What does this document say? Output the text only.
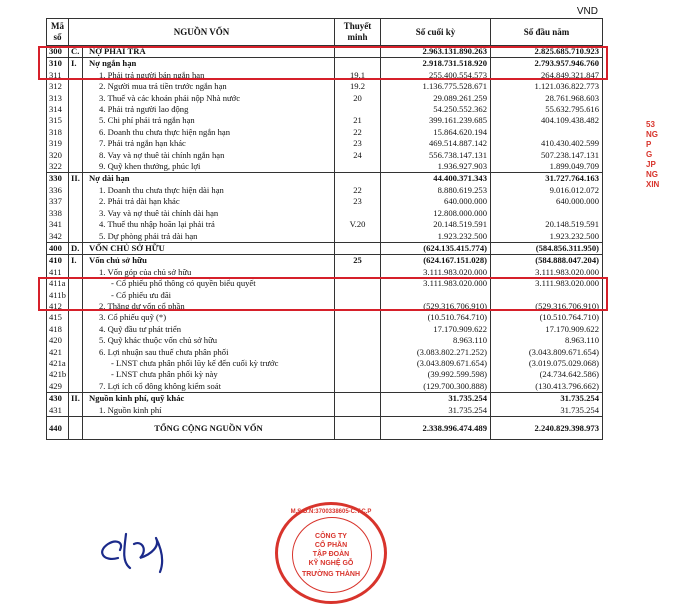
VND
Mã số	NGUỒN VỐN		Thuyết minh	Số cuối kỳ	Số đầu năm
300	C.	NỢ PHẢI TRẢ		2.963.131.890.263	2.825.685.710.923
310	I.	Nợ ngắn hạn		2.918.731.518.920	2.793.957.946.760
311		1. Phải trả người bán ngắn hạn	19.1	255.400.554.573	264.849.321.847
312		2. Người mua trả tiền trước ngắn hạn	19.2	1.136.775.528.671	1.121.036.822.773
313		3. Thuế và các khoản phải nộp Nhà nước	20	29.089.261.259	28.761.968.603
314		4. Phải trả người lao động		54.250.552.362	55.632.795.616
315		5. Chi phí phải trả ngắn hạn	21	399.161.239.685	404.109.438.482
318		6. Doanh thu chưa thực hiện ngắn hạn	22	15.864.620.194	
319		7. Phải trả ngắn hạn khác	23	469.514.887.142	410.430.402.599
320		8. Vay và nợ thuê tài chính ngắn hạn	24	556.738.147.131	507.238.147.131
322		9. Quỹ khen thưởng, phúc lợi		1.936.927.903	1.899.049.709
330	II.	Nợ dài hạn		44.400.371.343	31.727.764.163
336		1. Doanh thu chưa thực hiện dài hạn	22	8.880.619.253	9.016.012.072
337		2. Phải trả dài hạn khác	23	640.000.000	640.000.000
338		3. Vay và nợ thuê tài chính dài hạn		12.808.000.000	
341		4. Thuế thu nhập hoãn lại phải trả	V.20	20.148.519.591	20.148.519.591
342		5. Dự phòng phải trả dài hạn		1.923.232.500	1.923.232.500
400	D.	VỐN CHỦ SỞ HỮU		(624.135.415.774)	(584.856.311.950)
410	I.	Vốn chủ sở hữu	25	(624.167.151.028)	(584.888.047.204)
411		1. Vốn góp của chủ sở hữu		3.111.983.020.000	3.111.983.020.000
411a		- Cổ phiếu phổ thông có quyền biểu quyết		3.111.983.020.000	3.111.983.020.000
411b		- Cổ phiếu ưu đãi			
412		2. Thặng dư vốn cổ phần		(529.316.706.910)	(529.316.706.910)
415		3. Cổ phiếu quỹ (*)		(10.510.764.710)	(10.510.764.710)
418		4. Quỹ đầu tư phát triển		17.170.909.622	17.170.909.622
420		5. Quỹ khác thuộc vốn chủ sở hữu		8.963.110	8.963.110
421		6. Lợi nhuận sau thuế chưa phân phối		(3.083.802.271.252)	(3.043.809.671.654)
421a		- LNST chưa phân phối lũy kế đến cuối kỳ trước		(3.043.809.671.654)	(3.019.075.029.068)
421b		- LNST chưa phân phối kỳ này		(39.992.599.598)	(24.734.642.586)
429		7. Lợi ích cổ đông không kiểm soát		(129.700.300.888)	(130.413.796.662)
430	II.	Nguồn kinh phí, quỹ khác		31.735.254	31.735.254
431		1. Nguồn kinh phí		31.735.254	31.735.254
440		TỔNG CỘNG NGUỒN VỐN		2.338.996.474.489	2.240.829.398.973
M.S.D.N:3700338605-C.T.C.P
CÔNG TY
CỔ PHẦN
TẬP ĐOÀN
KỸ NGHỆ GỖ
TRƯỜNG THÀNH
53
NG
P
G
JP
NG
XIN
